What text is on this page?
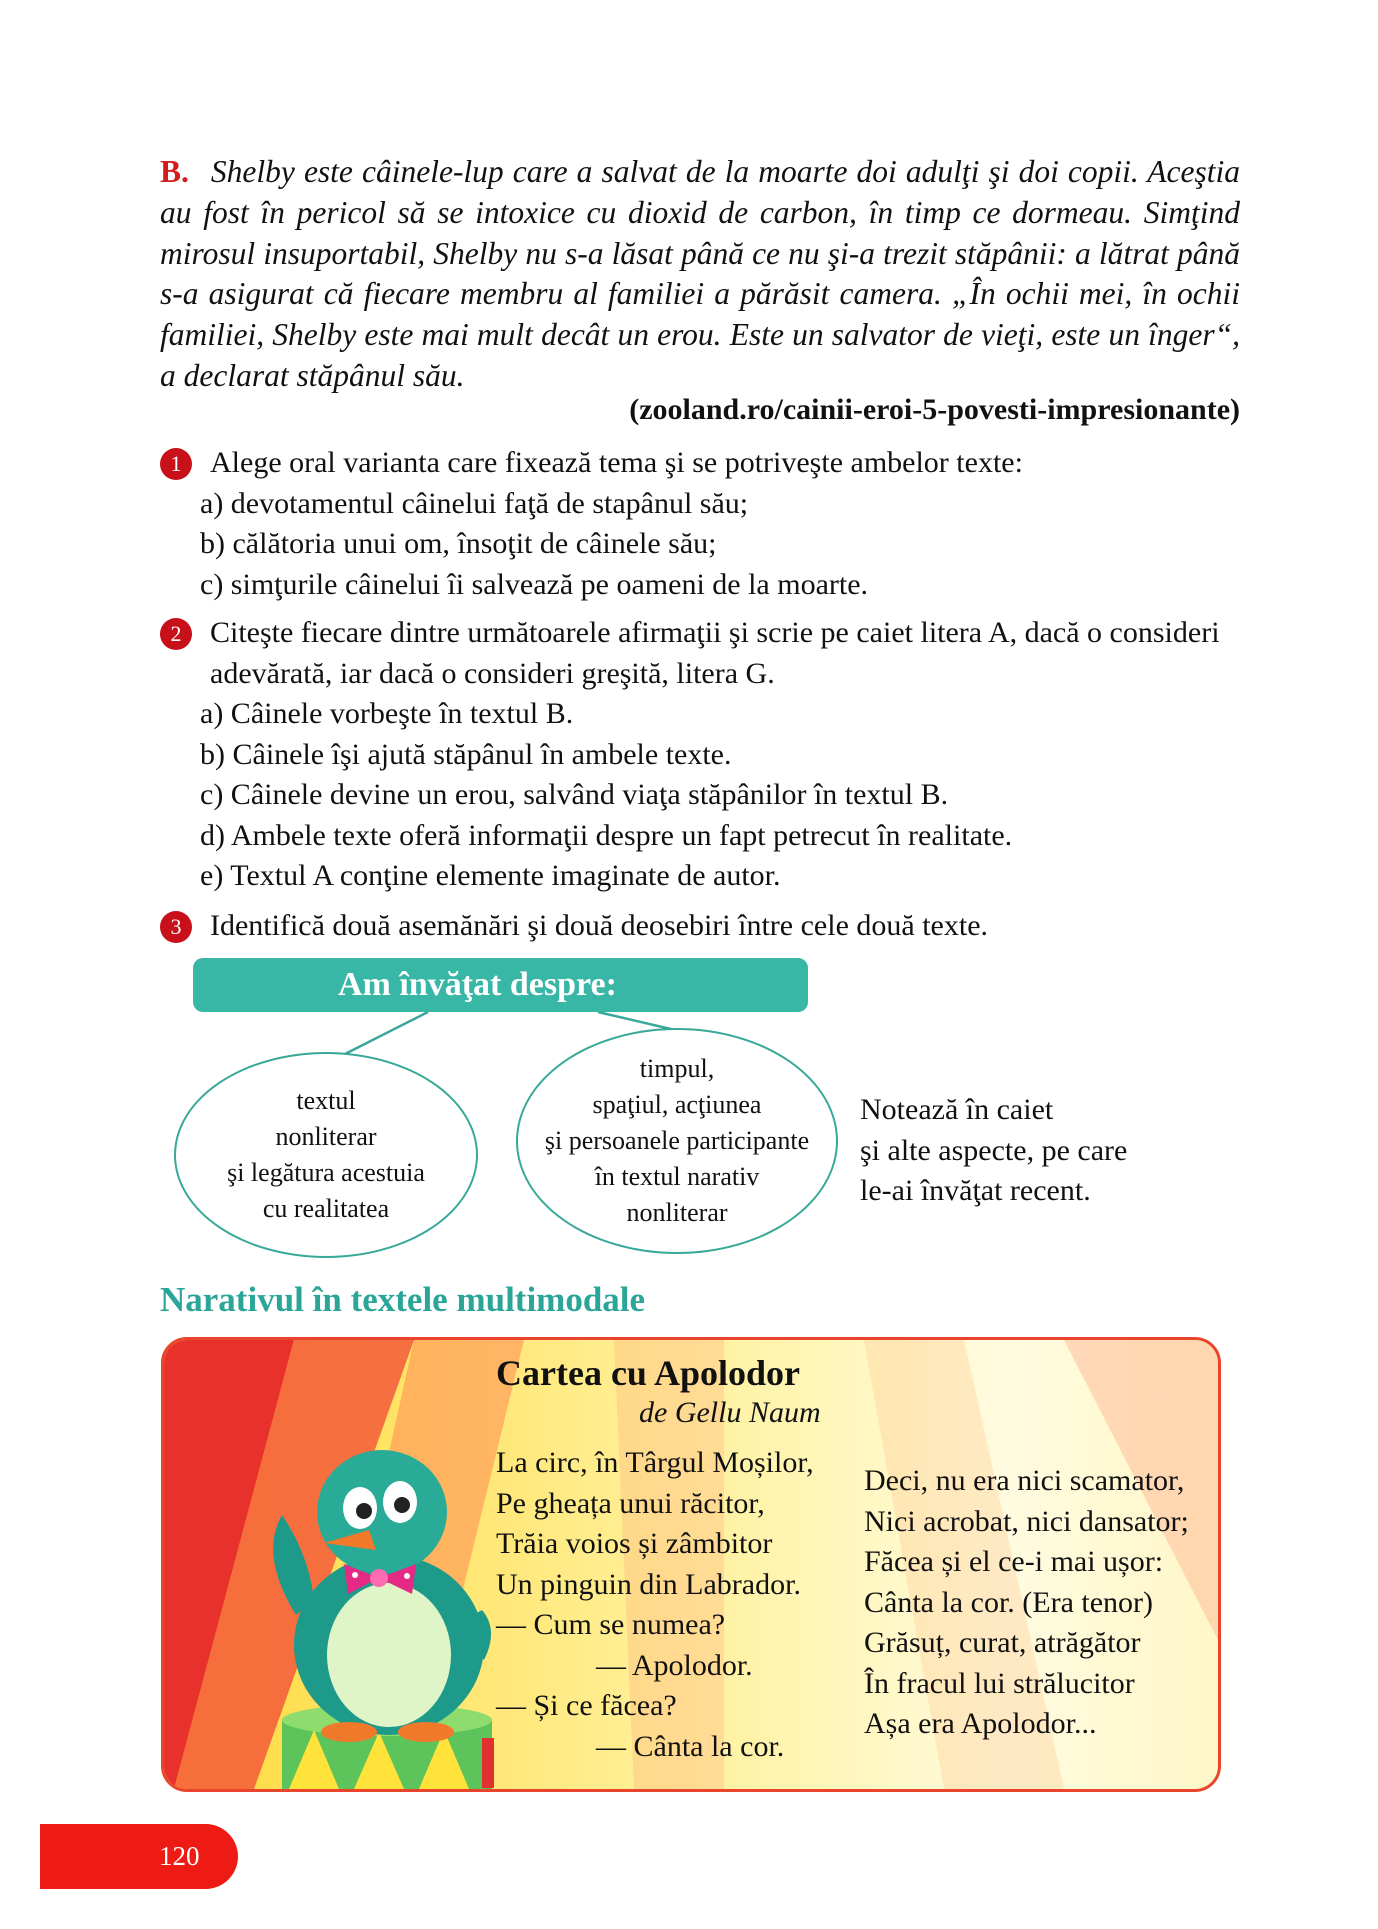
B. Shelby este câinele-lup care a salvat de la moarte doi adulţi şi doi copii. Aceştia au fost în pericol să se intoxice cu dioxid de carbon, în timp ce dormeau. Simţind mirosul insuportabil, Shelby nu s-a lăsat până ce nu şi-a trezit stăpânii: a lătrat până s-a asigurat că fiecare membru al familiei a părăsit camera. „În ochii mei, în ochii familiei, Shelby este mai mult decât un erou. Este un salvator de vieţi, este un înger“, a declarat stăpânul său.
(zooland.ro/cainii-eroi-5-povesti-impresionante)
1 Alege oral varianta care fixează tema şi se potriveşte ambelor texte:
a) devotamentul câinelui faţă de stapânul său;
b) călătoria unui om, însoţit de câinele său;
c) simţurile câinelui îi salvează pe oameni de la moarte.
2 Citeşte fiecare dintre următoarele afirmaţii şi scrie pe caiet litera A, dacă o consideri adevărată, iar dacă o consideri greşită, litera G.
a) Câinele vorbeşte în textul B.
b) Câinele îşi ajută stăpânul în ambele texte.
c) Câinele devine un erou, salvând viaţa stăpânilor în textul B.
d) Ambele texte oferă informaţii despre un fapt petrecut în realitate.
e) Textul A conţine elemente imaginate de autor.
3 Identifică două asemănări şi două deosebiri între cele două texte.
Am învăţat despre:
textul
nonliterar
şi legătura acestuia
cu realitatea
timpul,
spaţiul, acţiunea
şi persoanele participante
în textul narativ
nonliterar
Notează în caiet
şi alte aspecte, pe care
le-ai învăţat recent.
Narativul în textele multimodale
Cartea cu Apolodor
de Gellu Naum
La circ, în Târgul Moșilor,
Pe gheața unui răcitor,
Trăia voios și zâmbitor
Un pinguin din Labrador.
— Cum se numea?
— Apolodor.
— Și ce făcea?
— Cânta la cor.
Deci, nu era nici scamator,
Nici acrobat, nici dansator;
Făcea și el ce-i mai ușor:
Cânta la cor. (Era tenor)
Grăsuț, curat, atrăgător
În fracul lui strălucitor
Așa era Apolodor...
120
